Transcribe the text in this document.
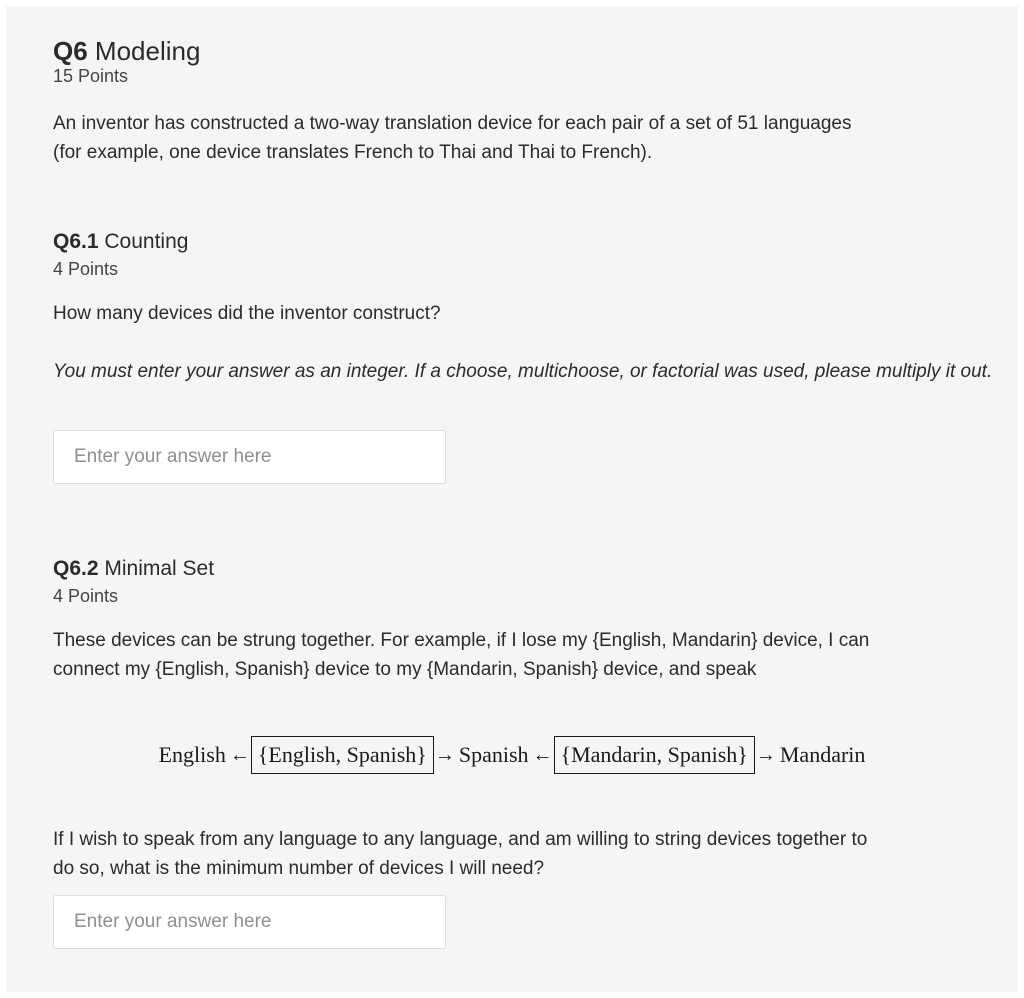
Q6 Modeling

15 Points

An inventor has constructed a two-way translation device for each pair of a set of 51 languages
(for example, one device translates French to Thai and Thai to French).

Q6.1 Counting

4 Points

How many devices did the inventor construct?

You must enter your answer as an integer. If a choose, multichoose, or factorial was used, please multiply it out.

Enter your answer here
Q6.2 Minimal Set

4 Points

These devices can be strung together. For example, if I lose my {English, Mandarin} device, I can
connect my {English, Spanish} device to my {Mandarin, Spanish} device, and speak

English ← {English, Spanish} → Spanish ← {Mandarin, Spanish} → Mandarin

If I wish to speak from any language to any language, and am willing to string devices together to
do so, what is the minimum number of devices I will need?

Enter your answer here
